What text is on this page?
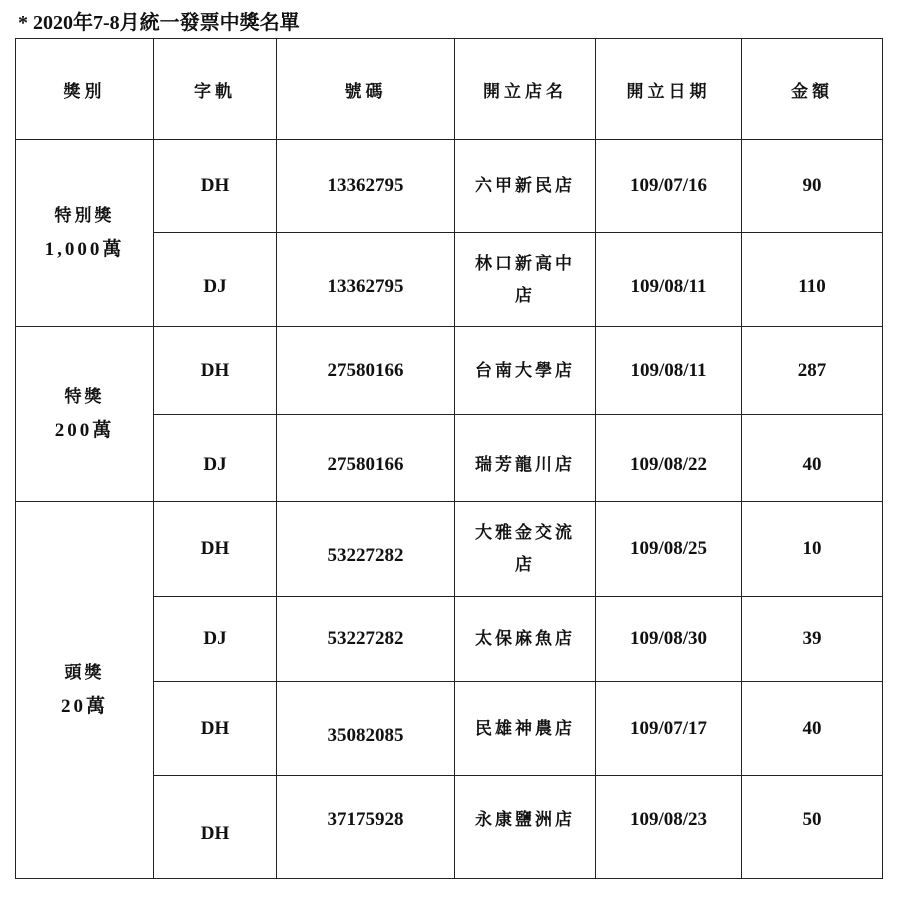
* 2020年7-8月統一發票中獎名單
獎別	字軌	號碼	開立店名	開立日期	金額

特別獎
1,000萬	DH	13362795	六甲新民店	109/07/16	90
	DJ	13362795	林口新高中店	109/08/11	110

特獎
200萬	DH	27580166	台南大學店	109/08/11	287
	DJ	27580166	瑞芳龍川店	109/08/22	40

頭獎
20萬	DH	53227282	大雅金交流店	109/08/25	10
	DJ	53227282	太保麻魚店	109/08/30	39
	DH	35082085	民雄神農店	109/07/17	40
	DH	37175928	永康鹽洲店	109/08/23	50
